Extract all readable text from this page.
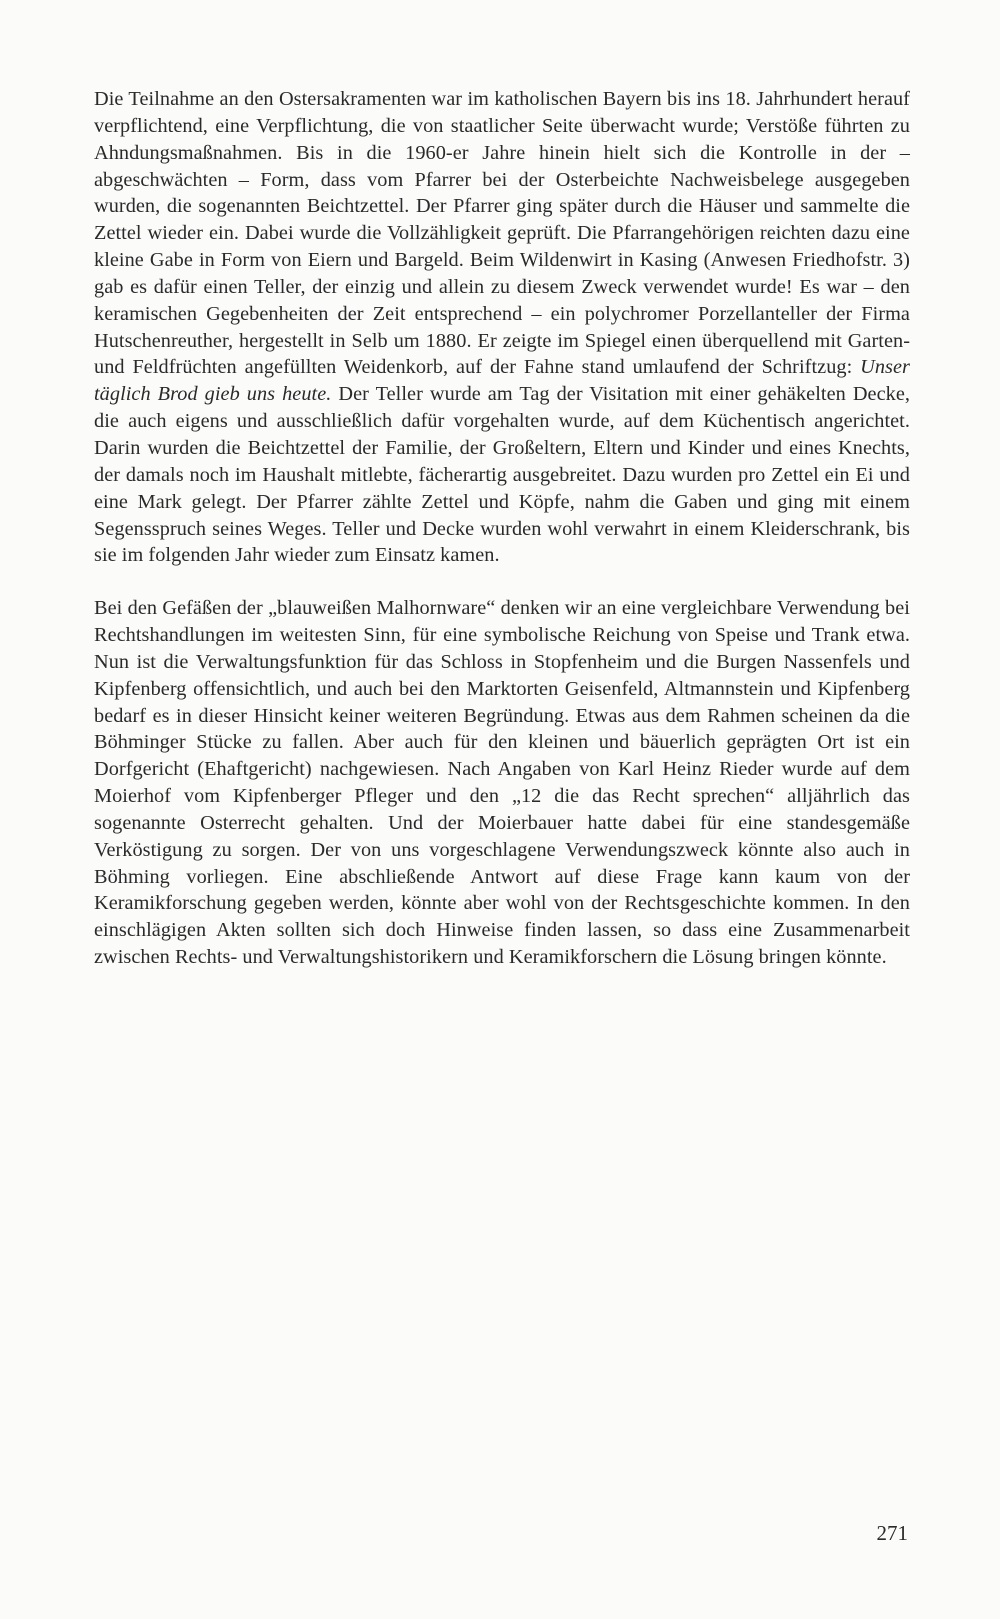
Die Teilnahme an den Ostersakramenten war im katholischen Bayern bis ins 18. Jahrhundert herauf verpflichtend, eine Verpflichtung, die von staatlicher Seite überwacht wurde; Verstöße führten zu Ahndungsmaßnahmen. Bis in die 1960-er Jahre hinein hielt sich die Kontrolle in der – abgeschwächten – Form, dass vom Pfarrer bei der Osterbeichte Nachweisbelege ausgegeben wurden, die sogenannten Beichtzettel. Der Pfarrer ging später durch die Häuser und sammelte die Zettel wieder ein. Dabei wurde die Vollzähligkeit geprüft. Die Pfarrangehörigen reichten dazu eine kleine Gabe in Form von Eiern und Bargeld. Beim Wildenwirt in Kasing (Anwesen Friedhofstr. 3) gab es dafür einen Teller, der einzig und allein zu diesem Zweck verwendet wurde! Es war – den keramischen Gegebenheiten der Zeit entsprechend – ein polychromer Porzellanteller der Firma Hutschenreuther, hergestellt in Selb um 1880. Er zeigte im Spiegel einen überquellend mit Garten- und Feldfrüchten angefüllten Weidenkorb, auf der Fahne stand umlaufend der Schriftzug: Unser täglich Brod gieb uns heute. Der Teller wurde am Tag der Visitation mit einer gehäkelten Decke, die auch eigens und ausschließlich dafür vorgehalten wurde, auf dem Küchentisch angerichtet. Darin wurden die Beichtzettel der Familie, der Großeltern, Eltern und Kinder und eines Knechts, der damals noch im Haushalt mitlebte, fächerartig ausgebreitet. Dazu wurden pro Zettel ein Ei und eine Mark gelegt. Der Pfarrer zählte Zettel und Köpfe, nahm die Gaben und ging mit einem Segensspruch seines Weges. Teller und Decke wurden wohl verwahrt in einem Kleiderschrank, bis sie im folgenden Jahr wieder zum Einsatz kamen.

Bei den Gefäßen der „blauweißen Malhornware“ denken wir an eine vergleichbare Verwendung bei Rechtshandlungen im weitesten Sinn, für eine symbolische Reichung von Speise und Trank etwa. Nun ist die Verwaltungsfunktion für das Schloss in Stopfenheim und die Burgen Nassenfels und Kipfenberg offensichtlich, und auch bei den Marktorten Geisenfeld, Altmannstein und Kipfenberg bedarf es in dieser Hinsicht keiner weiteren Begründung. Etwas aus dem Rahmen scheinen da die Böhminger Stücke zu fallen. Aber auch für den kleinen und bäuerlich geprägten Ort ist ein Dorfgericht (Ehaftgericht) nachgewiesen. Nach Angaben von Karl Heinz Rieder wurde auf dem Moierhof vom Kipfenberger Pfleger und den „12 die das Recht sprechen“ alljährlich das sogenannte Osterrecht gehalten. Und der Moierbauer hatte dabei für eine standesgemäße Verköstigung zu sorgen. Der von uns vorgeschlagene Verwendungszweck könnte also auch in Böhming vorliegen. Eine abschließende Antwort auf diese Frage kann kaum von der Keramikforschung gegeben werden, könnte aber wohl von der Rechtsgeschichte kommen. In den einschlägigen Akten sollten sich doch Hinweise finden lassen, so dass eine Zusammenarbeit zwischen Rechts- und Verwaltungshistorikern und Keramikforschern die Lösung bringen könnte.

271
